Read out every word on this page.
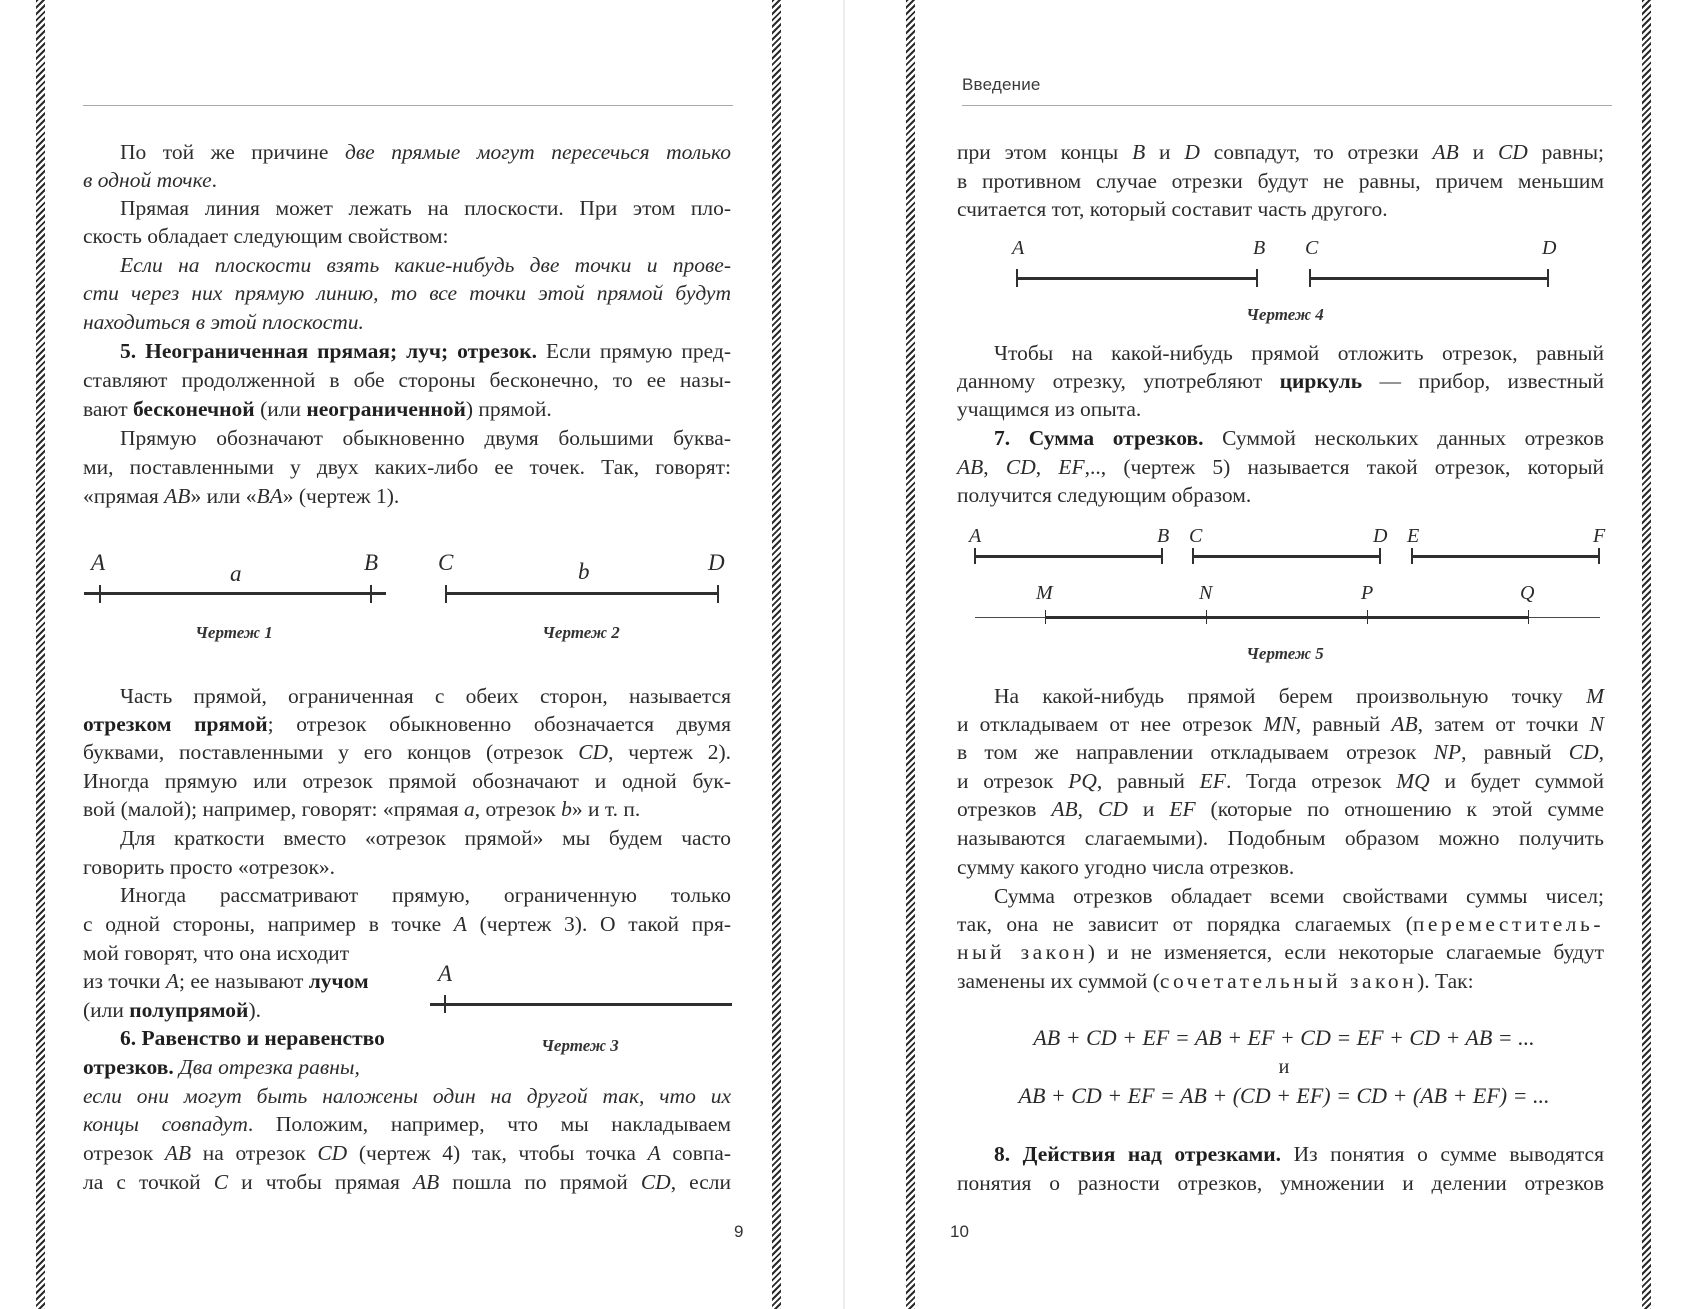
По той же причине две прямые могут пересечься только
в одной точке.
Прямая линия может лежать на плоскости. При этом пло-
скость обладает следующим свойством:
Если на плоскости взять какие-нибудь две точки и прове-
сти через них прямую линию, то все точки этой прямой будут
находиться в этой плоскости.
5. Неограниченная прямая; луч; отрезок. Если прямую пред-
ставляют продолженной в обе стороны бесконечно, то ее назы-
вают бесконечной (или неограниченной) прямой.
Прямую обозначают обыкновенно двумя большими буква-
ми, поставленными у двух каких-либо ее точек. Так, говорят:
«прямая AB» или «BA» (чертеж 1).
Часть прямой, ограниченная с обеих сторон, называется
отрезком прямой; отрезок обыкновенно обозначается двумя
буквами, поставленными у его концов (отрезок CD, чертеж 2).
Иногда прямую или отрезок прямой обозначают и одной бук-
вой (малой); например, говорят: «прямая a, отрезок b» и т. п.
Для краткости вместо «отрезок прямой» мы будем часто
говорить просто «отрезок».
Иногда рассматривают прямую, ограниченную только
с одной стороны, например в точке A (чертеж 3). О такой пря-
мой говорят, что она исходит
из точки A; ее называют лучом
(или полупрямой).
6. Равенство и неравенство
отрезков. Два отрезка равны,
если они могут быть наложены один на другой так, что их
концы совпадут. Положим, например, что мы накладываем
отрезок AB на отрезок CD (чертеж 4) так, чтобы точка A совпа-
ла с точкой C и чтобы прямая AB пошла по прямой CD, если
A	a	B
Чертеж 1
C	b	D
Чертеж 2
A
Чертеж 3
9
Введение
при этом концы B и D совпадут, то отрезки AB и CD равны;
в противном случае отрезки будут не равны, причем меньшим
считается тот, который составит часть другого.
Чтобы на какой-нибудь прямой отложить отрезок, равный
данному отрезку, употребляют циркуль — прибор, известный
учащимся из опыта.
7. Сумма отрезков. Суммой нескольких данных отрезков
AB, CD, EF,.., (чертеж 5) называется такой отрезок, который
получится следующим образом.
На какой-нибудь прямой берем произвольную точку M
и откладываем от нее отрезок MN, равный AB, затем от точки N
в том же направлении откладываем отрезок NP, равный CD,
и отрезок PQ, равный EF. Тогда отрезок MQ и будет суммой
отрезков AB, CD и EF (которые по отношению к этой сумме
называются слагаемыми). Подобным образом можно получить
сумму какого угодно числа отрезков.
Сумма отрезков обладает всеми свойствами суммы чисел;
так, она не зависит от порядка слагаемых (переместитель-
ный закон) и не изменяется, если некоторые слагаемые будут
заменены их суммой (сочетательный закон). Так:
8. Действия над отрезками. Из понятия о сумме выводятся
понятия о разности отрезков, умножении и делении отрезков
A	B C	D
Чертеж 4
A	B C	D E	F
M	N	P	Q
Чертеж 5
AB + CD + EF = AB + EF + CD = EF + CD + AB = ...
и
AB + CD + EF = AB + (CD + EF) = CD + (AB + EF) = ...
10
